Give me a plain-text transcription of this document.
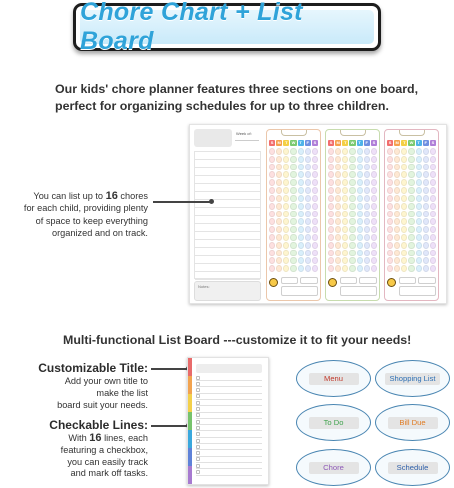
Chore Chart + List Board
Our kids' chore planner features three sections on one board,
perfect for organizing schedules for up to three children.
Week of:
Notes:
S	M	T	W	T	F	S	S	M	T	W	T	F	S	S	M	T	W	T	F	S
You can list up to 16 chores
for each child, providing plenty
of space to keep everything
organized and on track.
Multi-functional List Board ---customize it to fit your needs!
Customizable Title:
Add your own title to
make the list
board suit your needs.
Checkable Lines:
With 16 lines, each
featuring a checkbox,
you can easily track
and mark off tasks.
Menu	Shopping List
To Do	Bill Due
Chore	Schedule
